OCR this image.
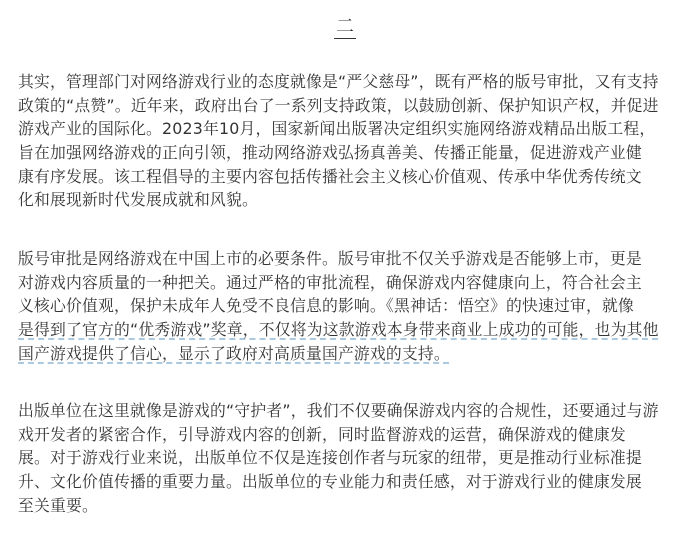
二

其实，管理部门对网络游戏行业的态度就像是“严父慈母”，既有严格的版号审批，又有支持
政策的“点赞”。近年来，政府出台了一系列支持政策，以鼓励创新、保护知识产权，并促进
游戏产业的国际化。2023年10月，国家新闻出版署决定组织实施网络游戏精品出版工程，
旨在加强网络游戏的正向引领，推动网络游戏弘扬真善美、传播正能量，促进游戏产业健
康有序发展。该工程倡导的主要内容包括传播社会主义核心价值观、传承中华优秀传统文
化和展现新时代发展成就和风貌。

版号审批是网络游戏在中国上市的必要条件。版号审批不仅关乎游戏是否能够上市，更是
对游戏内容质量的一种把关。通过严格的审批流程，确保游戏内容健康向上，符合社会主
义核心价值观，保护未成年人免受不良信息的影响。《黑神话：悟空》的快速过审，就像
是得到了官方的“优秀游戏”奖章，不仅将为这款游戏本身带来商业上成功的可能，也为其他
国产游戏提供了信心，显示了政府对高质量国产游戏的支持。

出版单位在这里就像是游戏的“守护者”，我们不仅要确保游戏内容的合规性，还要通过与游
戏开发者的紧密合作，引导游戏内容的创新，同时监督游戏的运营，确保游戏的健康发
展。对于游戏行业来说，出版单位不仅是连接创作者与玩家的纽带，更是推动行业标准提
升、文化价值传播的重要力量。出版单位的专业能力和责任感，对于游戏行业的健康发展
至关重要。
